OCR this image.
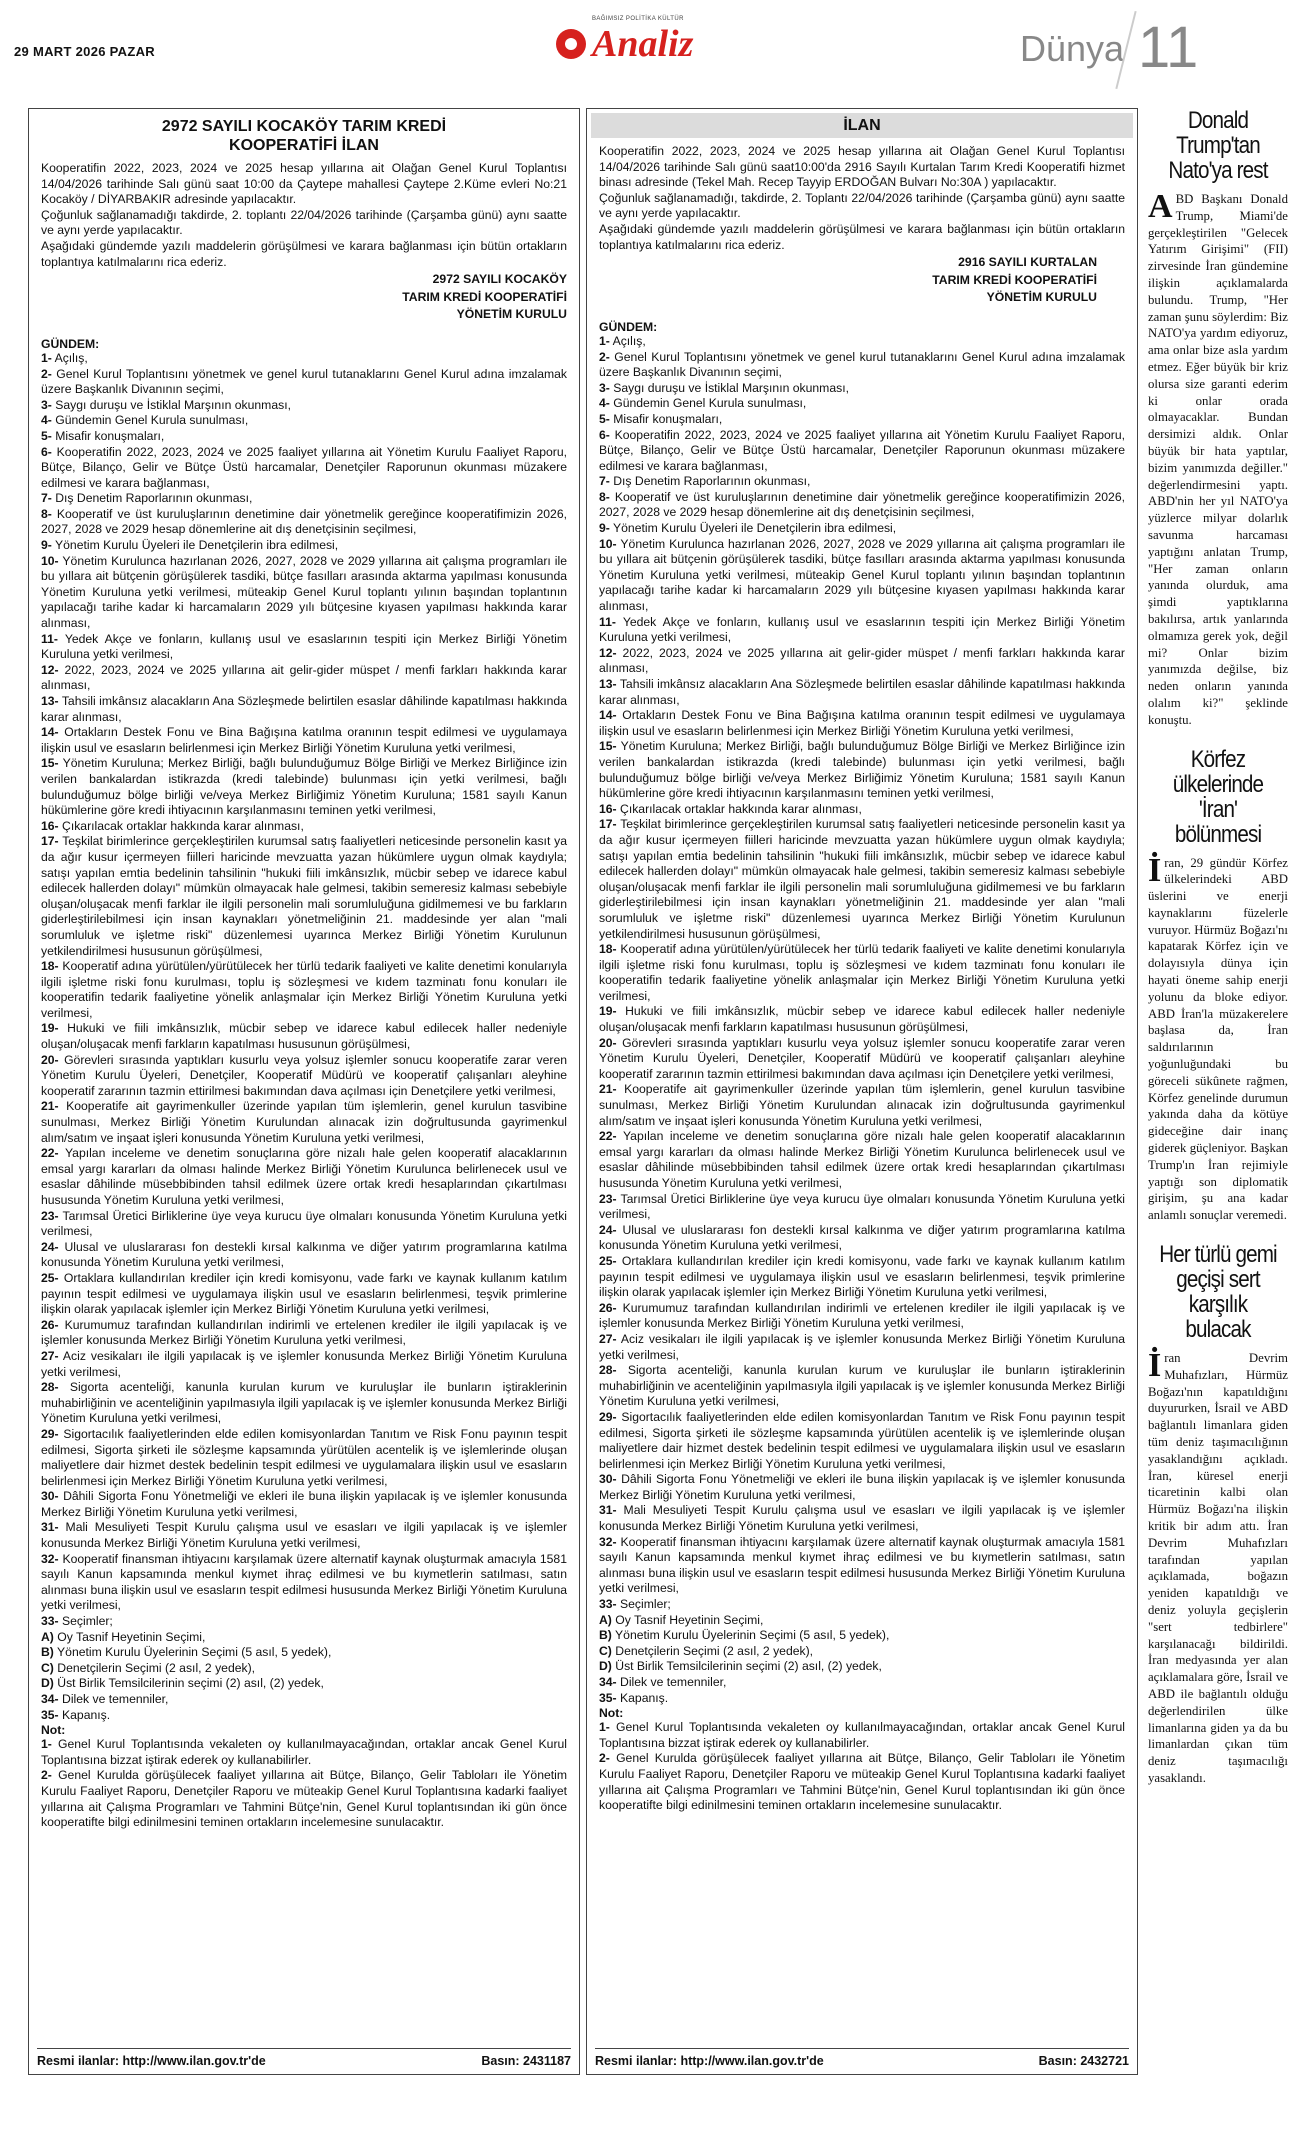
29 MART 2026 PAZAR	Analiz
BAĞIMSIZ POLİTİKA KÜLTÜR
Dünya 11
2972 SAYILI KOCAKÖY TARIM KREDİ KOOPERATİFİ İLAN
Kooperatifin 2022, 2023, 2024 ve 2025 hesap yıllarına ait Olağan Genel Kurul Toplantısı 14/04/2026 tarihinde Salı günü saat 10:00 da Çaytepe mahallesi Çaytepe 2.Küme evleri No:21 Kocaköy / DİYARBAKIR adresinde yapılacaktır.
Çoğunluk sağlanamadığı takdirde, 2. toplantı 22/04/2026 tarihinde (Çarşamba günü) aynı saatte ve aynı yerde yapılacaktır.
Aşağıdaki gündemde yazılı maddelerin görüşülmesi ve karara bağlanması için bütün ortakların toplantıya katılmalarını rica ederiz.
2972 SAYILI KOCAKÖY
TARIM KREDİ KOOPERATİFİ
YÖNETİM KURULU
GÜNDEM:
1- Açılış,
2- Genel Kurul Toplantısını yönetmek ve genel kurul tutanaklarını Genel Kurul adına imzalamak üzere Başkanlık Divanının seçimi,
3- Saygı duruşu ve İstiklal Marşının okunması,
4- Gündemin Genel Kurula sunulması,
5- Misafir konuşmaları,
6- Kooperatifin 2022, 2023, 2024 ve 2025 faaliyet yıllarına ait Yönetim Kurulu Faaliyet Raporu, Bütçe, Bilanço, Gelir ve Bütçe Üstü harcamalar, Denetçiler Raporunun okunması müzakere edilmesi ve karara bağlanması,
7- Dış Denetim Raporlarının okunması,
8- Kooperatif ve üst kuruluşlarının denetimine dair yönetmelik gereğince kooperatifimizin 2026, 2027, 2028 ve 2029 hesap dönemlerine ait dış denetçisinin seçilmesi,
9- Yönetim Kurulu Üyeleri ile Denetçilerin ibra edilmesi,
10- Yönetim Kurulunca hazırlanan 2026, 2027, 2028 ve 2029 yıllarına ait çalışma programları ile bu yıllara ait bütçenin görüşülerek tasdiki, bütçe fasılları arasında aktarma yapılması konusunda Yönetim Kuruluna yetki verilmesi, müteakip Genel Kurul toplantı yılının başından toplantının yapılacağı tarihe kadar ki harcamaların 2029 yılı bütçesine kıyasen yapılması hakkında karar alınması,
11- Yedek Akçe ve fonların, kullanış usul ve esaslarının tespiti için Merkez Birliği Yönetim Kuruluna yetki verilmesi,
12- 2022, 2023, 2024 ve 2025 yıllarına ait gelir-gider müspet / menfi farkları hakkında karar alınması,
13- Tahsili imkânsız alacakların Ana Sözleşmede belirtilen esaslar dâhilinde kapatılması hakkında karar alınması,
14- Ortakların Destek Fonu ve Bina Bağışına katılma oranının tespit edilmesi ve uygulamaya ilişkin usul ve esasların belirlenmesi için Merkez Birliği Yönetim Kuruluna yetki verilmesi,
15- Yönetim Kuruluna; Merkez Birliği, bağlı bulunduğumuz Bölge Birliği ve Merkez Birliğince izin verilen bankalardan istikrazda (kredi talebinde) bulunması için yetki verilmesi, bağlı bulunduğumuz bölge birliği ve/veya Merkez Birliğimiz Yönetim Kuruluna; 1581 sayılı Kanun hükümlerine göre kredi ihtiyacının karşılanmasını teminen yetki verilmesi,
16- Çıkarılacak ortaklar hakkında karar alınması,
17- Teşkilat birimlerince gerçekleştirilen kurumsal satış faaliyetleri neticesinde personelin kasıt ya da ağır kusur içermeyen fiilleri haricinde mevzuatta yazan hükümlere uygun olmak kaydıyla; satışı yapılan emtia bedelinin tahsilinin "hukuki fiili imkânsızlık, mücbir sebep ve idarece kabul edilecek hallerden dolayı" mümkün olmayacak hale gelmesi, takibin semeresiz kalması sebebiyle oluşan/oluşacak menfi farklar ile ilgili personelin mali sorumluluğuna gidilmemesi ve bu farkların giderleştirilebilmesi için insan kaynakları yönetmeliğinin 21. maddesinde yer alan "mali sorumluluk ve işletme riski" düzenlemesi uyarınca Merkez Birliği Yönetim Kurulunun yetkilendirilmesi hususunun görüşülmesi,
18- Kooperatif adına yürütülen/yürütülecek her türlü tedarik faaliyeti ve kalite denetimi konularıyla ilgili işletme riski fonu kurulması, toplu iş sözleşmesi ve kıdem tazminatı fonu konuları ile kooperatifin tedarik faaliyetine yönelik anlaşmalar için Merkez Birliği Yönetim Kuruluna yetki verilmesi,
19- Hukuki ve fiili imkânsızlık, mücbir sebep ve idarece kabul edilecek haller nedeniyle oluşan/oluşacak menfi farkların kapatılması hususunun görüşülmesi,
20- Görevleri sırasında yaptıkları kusurlu veya yolsuz işlemler sonucu kooperatife zarar veren Yönetim Kurulu Üyeleri, Denetçiler, Kooperatif Müdürü ve kooperatif çalışanları aleyhine kooperatif zararının tazmin ettirilmesi bakımından dava açılması için Denetçilere yetki verilmesi,
21- Kooperatife ait gayrimenkuller üzerinde yapılan tüm işlemlerin, genel kurulun tasvibine sunulması, Merkez Birliği Yönetim Kurulundan alınacak izin doğrultusunda gayrimenkul alım/satım ve inşaat işleri konusunda Yönetim Kuruluna yetki verilmesi,
22- Yapılan inceleme ve denetim sonuçlarına göre nizalı hale gelen kooperatif alacaklarının emsal yargı kararları da olması halinde Merkez Birliği Yönetim Kurulunca belirlenecek usul ve esaslar dâhilinde müsebbibinden tahsil edilmek üzere ortak kredi hesaplarından çıkartılması hususunda Yönetim Kuruluna yetki verilmesi,
23- Tarımsal Üretici Birliklerine üye veya kurucu üye olmaları konusunda Yönetim Kuruluna yetki verilmesi,
24- Ulusal ve uluslararası fon destekli kırsal kalkınma ve diğer yatırım programlarına katılma konusunda Yönetim Kuruluna yetki verilmesi,
25- Ortaklara kullandırılan krediler için kredi komisyonu, vade farkı ve kaynak kullanım katılım payının tespit edilmesi ve uygulamaya ilişkin usul ve esasların belirlenmesi, teşvik primlerine ilişkin olarak yapılacak işlemler için Merkez Birliği Yönetim Kuruluna yetki verilmesi,
26- Kurumumuz tarafından kullandırılan indirimli ve ertelenen krediler ile ilgili yapılacak iş ve işlemler konusunda Merkez Birliği Yönetim Kuruluna yetki verilmesi,
27- Aciz vesikaları ile ilgili yapılacak iş ve işlemler konusunda Merkez Birliği Yönetim Kuruluna yetki verilmesi,
28- Sigorta acenteliği, kanunla kurulan kurum ve kuruluşlar ile bunların iştiraklerinin muhabirliğinin ve acenteliğinin yapılmasıyla ilgili yapılacak iş ve işlemler konusunda Merkez Birliği Yönetim Kuruluna yetki verilmesi,
29- Sigortacılık faaliyetlerinden elde edilen komisyonlardan Tanıtım ve Risk Fonu payının tespit edilmesi, Sigorta şirketi ile sözleşme kapsamında yürütülen acentelik iş ve işlemlerinde oluşan maliyetlere dair hizmet destek bedelinin tespit edilmesi ve uygulamalara ilişkin usul ve esasların belirlenmesi için Merkez Birliği Yönetim Kuruluna yetki verilmesi,
30- Dâhili Sigorta Fonu Yönetmeliği ve ekleri ile buna ilişkin yapılacak iş ve işlemler konusunda Merkez Birliği Yönetim Kuruluna yetki verilmesi,
31- Mali Mesuliyeti Tespit Kurulu çalışma usul ve esasları ve ilgili yapılacak iş ve işlemler konusunda Merkez Birliği Yönetim Kuruluna yetki verilmesi,
32- Kooperatif finansman ihtiyacını karşılamak üzere alternatif kaynak oluşturmak amacıyla 1581 sayılı Kanun kapsamında menkul kıymet ihraç edilmesi ve bu kıymetlerin satılması, satın alınması buna ilişkin usul ve esasların tespit edilmesi hususunda Merkez Birliği Yönetim Kuruluna yetki verilmesi,
33- Seçimler;
A) Oy Tasnif Heyetinin Seçimi,
B) Yönetim Kurulu Üyelerinin Seçimi (5 asıl, 5 yedek),
C) Denetçilerin Seçimi (2 asıl, 2 yedek),
D) Üst Birlik Temsilcilerinin seçimi (2) asıl, (2) yedek,
34- Dilek ve temenniler,
35- Kapanış.
Not:
1- Genel Kurul Toplantısında vekaleten oy kullanılmayacağından, ortaklar ancak Genel Kurul Toplantısına bizzat iştirak ederek oy kullanabilirler.
2- Genel Kurulda görüşülecek faaliyet yıllarına ait Bütçe, Bilanço, Gelir Tabloları ile Yönetim Kurulu Faaliyet Raporu, Denetçiler Raporu ve müteakip Genel Kurul Toplantısına kadarki faaliyet yıllarına ait Çalışma Programları ve Tahmini Bütçe'nin, Genel Kurul toplantısından iki gün önce kooperatifte bilgi edinilmesini teminen ortakların incelemesine sunulacaktır.
Resmi ilanlar: http://www.ilan.gov.tr'de	Basın: 2431187
İLAN
Kooperatifin 2022, 2023, 2024 ve 2025 hesap yıllarına ait Olağan Genel Kurul Toplantısı 14/04/2026 tarihinde Salı günü saat10:00'da 2916 Sayılı Kurtalan Tarım Kredi Kooperatifi hizmet binası adresinde (Tekel Mah. Recep Tayyip ERDOĞAN Bulvarı No:30A ) yapılacaktır.
Çoğunluk sağlanamadığı, takdirde, 2. Toplantı 22/04/2026 tarihinde (Çarşamba günü) aynı saatte ve aynı yerde yapılacaktır.
Aşağıdaki gündemde yazılı maddelerin görüşülmesi ve karara bağlanması için bütün ortakların toplantıya katılmalarını rica ederiz.
2916 SAYILI KURTALAN
TARIM KREDİ KOOPERATİFİ
YÖNETİM KURULU
GÜNDEM:
1- Açılış,
2- Genel Kurul Toplantısını yönetmek ve genel kurul tutanaklarını Genel Kurul adına imzalamak üzere Başkanlık Divanının seçimi,
3- Saygı duruşu ve İstiklal Marşının okunması,
4- Gündemin Genel Kurula sunulması,
5- Misafir konuşmaları,
6- Kooperatifin 2022, 2023, 2024 ve 2025 faaliyet yıllarına ait Yönetim Kurulu Faaliyet Raporu, Bütçe, Bilanço, Gelir ve Bütçe Üstü harcamalar, Denetçiler Raporunun okunması müzakere edilmesi ve karara bağlanması,
7- Dış Denetim Raporlarının okunması,
8- Kooperatif ve üst kuruluşlarının denetimine dair yönetmelik gereğince kooperatifimizin 2026, 2027, 2028 ve 2029 hesap dönemlerine ait dış denetçisinin seçilmesi,
9- Yönetim Kurulu Üyeleri ile Denetçilerin ibra edilmesi,
10- Yönetim Kurulunca hazırlanan 2026, 2027, 2028 ve 2029 yıllarına ait çalışma programları ile bu yıllara ait bütçenin görüşülerek tasdiki, bütçe fasılları arasında aktarma yapılması konusunda Yönetim Kuruluna yetki verilmesi, müteakip Genel Kurul toplantı yılının başından toplantının yapılacağı tarihe kadar ki harcamaların 2029 yılı bütçesine kıyasen yapılması hakkında karar alınması,
11- Yedek Akçe ve fonların, kullanış usul ve esaslarının tespiti için Merkez Birliği Yönetim Kuruluna yetki verilmesi,
12- 2022, 2023, 2024 ve 2025 yıllarına ait gelir-gider müspet / menfi farkları hakkında karar alınması,
13- Tahsili imkânsız alacakların Ana Sözleşmede belirtilen esaslar dâhilinde kapatılması hakkında karar alınması,
14- Ortakların Destek Fonu ve Bina Bağışına katılma oranının tespit edilmesi ve uygulamaya ilişkin usul ve esasların belirlenmesi için Merkez Birliği Yönetim Kuruluna yetki verilmesi,
15- Yönetim Kuruluna; Merkez Birliği, bağlı bulunduğumuz Bölge Birliği ve Merkez Birliğince izin verilen bankalardan istikrazda (kredi talebinde) bulunması için yetki verilmesi, bağlı bulunduğumuz bölge birliği ve/veya Merkez Birliğimiz Yönetim Kuruluna; 1581 sayılı Kanun hükümlerine göre kredi ihtiyacının karşılanmasını teminen yetki verilmesi,
16- Çıkarılacak ortaklar hakkında karar alınması,
17- Teşkilat birimlerince gerçekleştirilen kurumsal satış faaliyetleri neticesinde personelin kasıt ya da ağır kusur içermeyen fiilleri haricinde mevzuatta yazan hükümlere uygun olmak kaydıyla; satışı yapılan emtia bedelinin tahsilinin "hukuki fiili imkânsızlık, mücbir sebep ve idarece kabul edilecek hallerden dolayı" mümkün olmayacak hale gelmesi, takibin semeresiz kalması sebebiyle oluşan/oluşacak menfi farklar ile ilgili personelin mali sorumluluğuna gidilmemesi ve bu farkların giderleştirilebilmesi için insan kaynakları yönetmeliğinin 21. maddesinde yer alan "mali sorumluluk ve işletme riski" düzenlemesi uyarınca Merkez Birliği Yönetim Kurulunun yetkilendirilmesi hususunun görüşülmesi,
18- Kooperatif adına yürütülen/yürütülecek her türlü tedarik faaliyeti ve kalite denetimi konularıyla ilgili işletme riski fonu kurulması, toplu iş sözleşmesi ve kıdem tazminatı fonu konuları ile kooperatifin tedarik faaliyetine yönelik anlaşmalar için Merkez Birliği Yönetim Kuruluna yetki verilmesi,
19- Hukuki ve fiili imkânsızlık, mücbir sebep ve idarece kabul edilecek haller nedeniyle oluşan/oluşacak menfi farkların kapatılması hususunun görüşülmesi,
20- Görevleri sırasında yaptıkları kusurlu veya yolsuz işlemler sonucu kooperatife zarar veren Yönetim Kurulu Üyeleri, Denetçiler, Kooperatif Müdürü ve kooperatif çalışanları aleyhine kooperatif zararının tazmin ettirilmesi bakımından dava açılması için Denetçilere yetki verilmesi,
21- Kooperatife ait gayrimenkuller üzerinde yapılan tüm işlemlerin, genel kurulun tasvibine sunulması, Merkez Birliği Yönetim Kurulundan alınacak izin doğrultusunda gayrimenkul alım/satım ve inşaat işleri konusunda Yönetim Kuruluna yetki verilmesi,
22- Yapılan inceleme ve denetim sonuçlarına göre nizalı hale gelen kooperatif alacaklarının emsal yargı kararları da olması halinde Merkez Birliği Yönetim Kurulunca belirlenecek usul ve esaslar dâhilinde müsebbibinden tahsil edilmek üzere ortak kredi hesaplarından çıkartılması hususunda Yönetim Kuruluna yetki verilmesi,
23- Tarımsal Üretici Birliklerine üye veya kurucu üye olmaları konusunda Yönetim Kuruluna yetki verilmesi,
24- Ulusal ve uluslararası fon destekli kırsal kalkınma ve diğer yatırım programlarına katılma konusunda Yönetim Kuruluna yetki verilmesi,
25- Ortaklara kullandırılan krediler için kredi komisyonu, vade farkı ve kaynak kullanım katılım payının tespit edilmesi ve uygulamaya ilişkin usul ve esasların belirlenmesi, teşvik primlerine ilişkin olarak yapılacak işlemler için Merkez Birliği Yönetim Kuruluna yetki verilmesi,
26- Kurumumuz tarafından kullandırılan indirimli ve ertelenen krediler ile ilgili yapılacak iş ve işlemler konusunda Merkez Birliği Yönetim Kuruluna yetki verilmesi,
27- Aciz vesikaları ile ilgili yapılacak iş ve işlemler konusunda Merkez Birliği Yönetim Kuruluna yetki verilmesi,
28- Sigorta acenteliği, kanunla kurulan kurum ve kuruluşlar ile bunların iştiraklerinin muhabirliğinin ve acenteliğinin yapılmasıyla ilgili yapılacak iş ve işlemler konusunda Merkez Birliği Yönetim Kuruluna yetki verilmesi,
29- Sigortacılık faaliyetlerinden elde edilen komisyonlardan Tanıtım ve Risk Fonu payının tespit edilmesi, Sigorta şirketi ile sözleşme kapsamında yürütülen acentelik iş ve işlemlerinde oluşan maliyetlere dair hizmet destek bedelinin tespit edilmesi ve uygulamalara ilişkin usul ve esasların belirlenmesi için Merkez Birliği Yönetim Kuruluna yetki verilmesi,
30- Dâhili Sigorta Fonu Yönetmeliği ve ekleri ile buna ilişkin yapılacak iş ve işlemler konusunda Merkez Birliği Yönetim Kuruluna yetki verilmesi,
31- Mali Mesuliyeti Tespit Kurulu çalışma usul ve esasları ve ilgili yapılacak iş ve işlemler konusunda Merkez Birliği Yönetim Kuruluna yetki verilmesi,
32- Kooperatif finansman ihtiyacını karşılamak üzere alternatif kaynak oluşturmak amacıyla 1581 sayılı Kanun kapsamında menkul kıymet ihraç edilmesi ve bu kıymetlerin satılması, satın alınması buna ilişkin usul ve esasların tespit edilmesi hususunda Merkez Birliği Yönetim Kuruluna yetki verilmesi,
33- Seçimler;
A) Oy Tasnif Heyetinin Seçimi,
B) Yönetim Kurulu Üyelerinin Seçimi (5 asıl, 5 yedek),
C) Denetçilerin Seçimi (2 asıl, 2 yedek),
D) Üst Birlik Temsilcilerinin seçimi (2) asıl, (2) yedek,
34- Dilek ve temenniler,
35- Kapanış.
Not:
1- Genel Kurul Toplantısında vekaleten oy kullanılmayacağından, ortaklar ancak Genel Kurul Toplantısına bizzat iştirak ederek oy kullanabilirler.
2- Genel Kurulda görüşülecek faaliyet yıllarına ait Bütçe, Bilanço, Gelir Tabloları ile Yönetim Kurulu Faaliyet Raporu, Denetçiler Raporu ve müteakip Genel Kurul Toplantısına kadarki faaliyet yıllarına ait Çalışma Programları ve Tahmini Bütçe'nin, Genel Kurul toplantısından iki gün önce kooperatifte bilgi edinilmesini teminen ortakların incelemesine sunulacaktır.
Resmi ilanlar: http://www.ilan.gov.tr'de	Basın: 2432721
Donald Trump'tan Nato'ya rest
ABD Başkanı Donald Trump, Miami'de gerçekleştirilen "Gelecek Yatırım Girişimi" (FII) zirvesinde İran gündemine ilişkin açıklamalarda bulundu. Trump, "Her zaman şunu söylerdim: Biz NATO'ya yardım ediyoruz, ama onlar bize asla yardım etmez. Eğer büyük bir kriz olursa size garanti ederim ki onlar orada olmayacaklar. Bundan dersimizi aldık. Onlar büyük bir hata yaptılar, bizim yanımızda değiller." değerlendirmesini yaptı. ABD'nin her yıl NATO'ya yüzlerce milyar dolarlık savunma harcaması yaptığını anlatan Trump, "Her zaman onların yanında olurduk, ama şimdi yaptıklarına bakılırsa, artık yanlarında olmamıza gerek yok, değil mi? Onlar bizim yanımızda değilse, biz neden onların yanında olalım ki?" şeklinde konuştu.
Körfez ülkelerinde 'İran' bölünmesi
İran, 29 gündür Körfez ülkelerindeki ABD üslerini ve enerji kaynaklarını füzelerle vuruyor. Hürmüz Boğazı'nı kapatarak Körfez için ve dolayısıyla dünya için hayati öneme sahip enerji yolunu da bloke ediyor. ABD İran'la müzakerelere başlasa da, İran saldırılarının yoğunluğundaki bu göreceli sükûnete rağmen, Körfez genelinde durumun yakında daha da kötüye gideceğine dair inanç giderek güçleniyor. Başkan Trump'ın İran rejimiyle yaptığı son diplomatik girişim, şu ana kadar anlamlı sonuçlar veremedi.
Her türlü gemi geçişi sert karşılık bulacak
İran Devrim Muhafızları, Hürmüz Boğazı'nın kapatıldığını duyururken, İsrail ve ABD bağlantılı limanlara giden tüm deniz taşımacılığının yasaklandığını açıkladı. İran, küresel enerji ticaretinin kalbi olan Hürmüz Boğazı'na ilişkin kritik bir adım attı. İran Devrim Muhafızları tarafından yapılan açıklamada, boğazın yeniden kapatıldığı ve deniz yoluyla geçişlerin "sert tedbirlere" karşılanacağı bildirildi. İran medyasında yer alan açıklamalara göre, İsrail ve ABD ile bağlantılı olduğu değerlendirilen ülke limanlarına giden ya da bu limanlardan çıkan tüm deniz taşımacılığı yasaklandı.
